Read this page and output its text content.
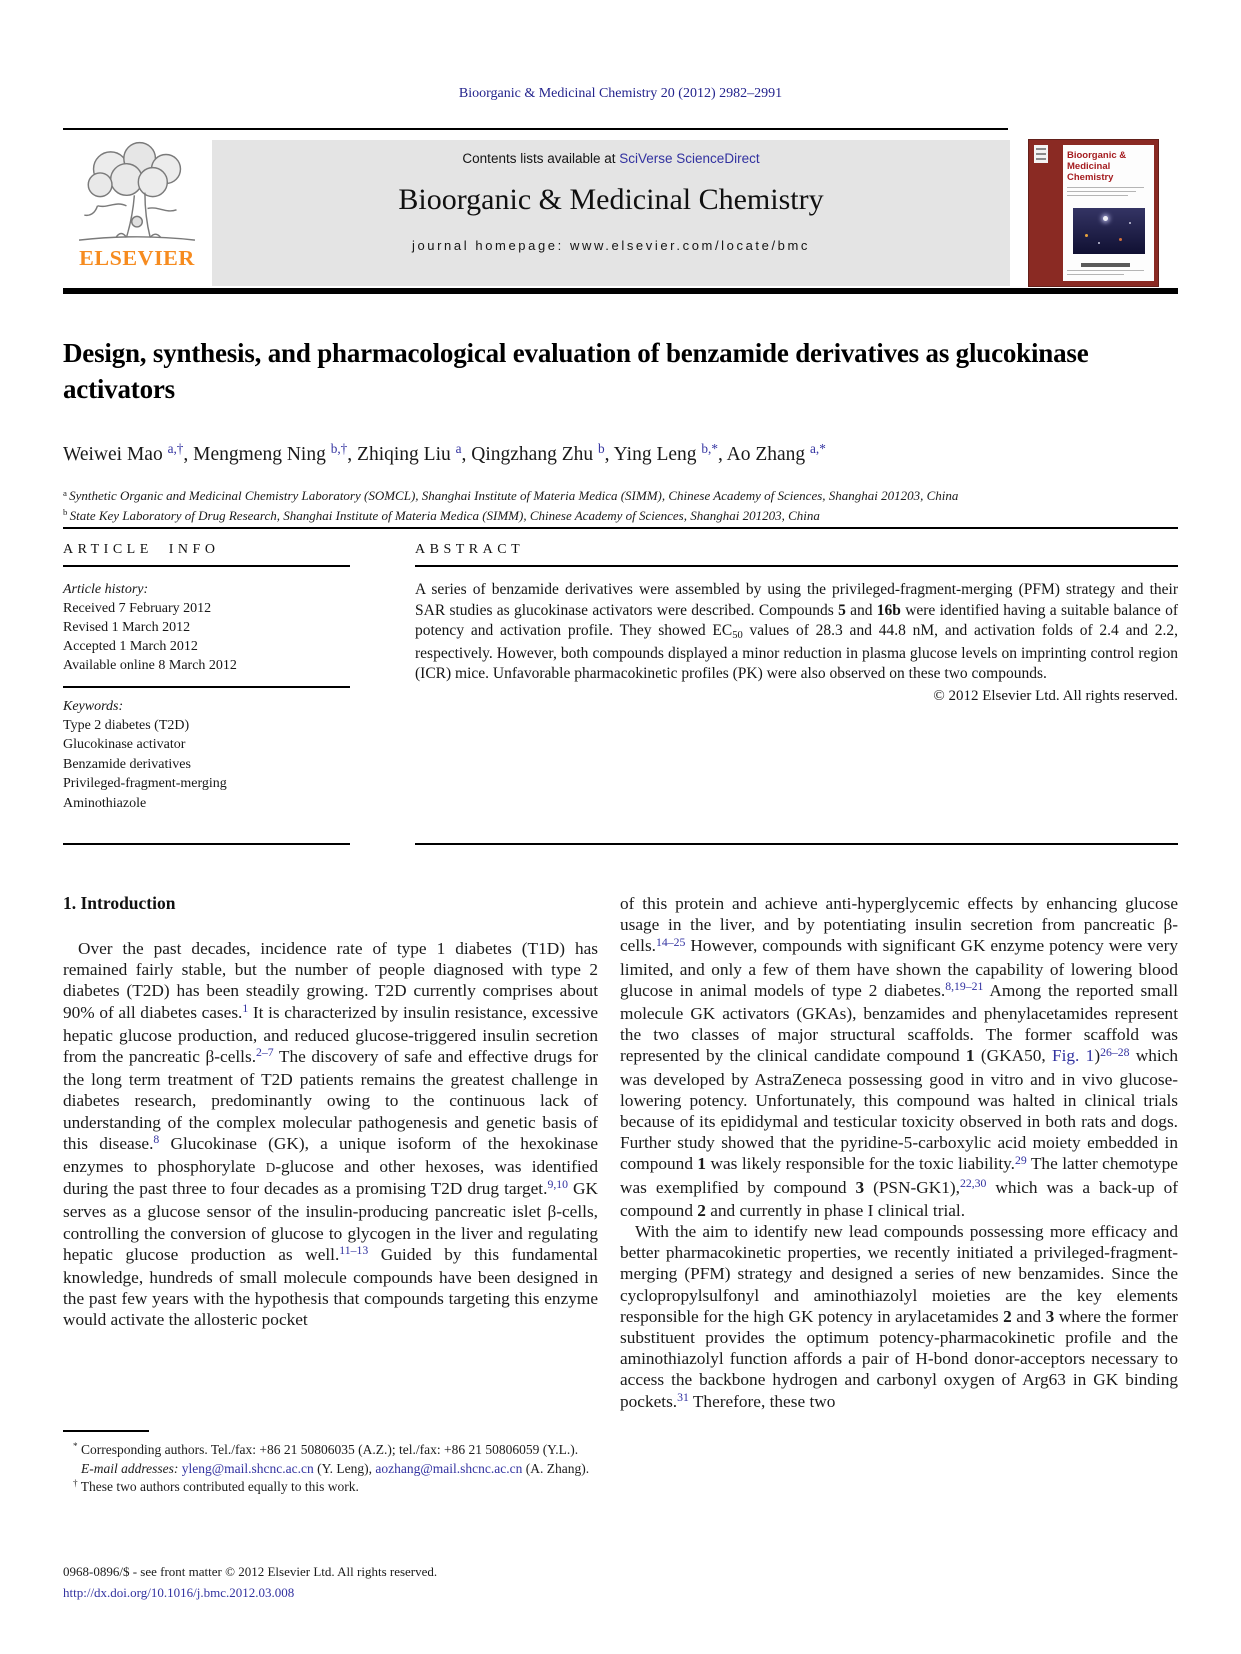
Bioorganic & Medicinal Chemistry 20 (2012) 2982–2991
ELSEVIER
Contents lists available at SciVerse ScienceDirect
Bioorganic & Medicinal Chemistry
journal homepage: www.elsevier.com/locate/bmc
Bioorganic & Medicinal Chemistry
Design, synthesis, and pharmacological evaluation of benzamide derivatives as glucokinase activators
Weiwei Mao $^{a,\dagger}$, Mengmeng Ning $^{b,\dagger}$, Zhiqing Liu $^a$, Qingzhang Zhu $^b$, Ying Leng $^{b,*}$, Ao Zhang $^{a,*}$
$^a$ Synthetic Organic and Medicinal Chemistry Laboratory (SOMCL), Shanghai Institute of Materia Medica (SIMM), Chinese Academy of Sciences, Shanghai 201203, China
$^b$ State Key Laboratory of Drug Research, Shanghai Institute of Materia Medica (SIMM), Chinese Academy of Sciences, Shanghai 201203, China
ARTICLE INFO
Article history:
Received 7 February 2012
Revised 1 March 2012
Accepted 1 March 2012
Available online 8 March 2012
Keywords:
Type 2 diabetes (T2D)
Glucokinase activator
Benzamide derivatives
Privileged-fragment-merging
Aminothiazole
ABSTRACT
A series of benzamide derivatives were assembled by using the privileged-fragment-merging (PFM) strategy and their SAR studies as glucokinase activators were described. Compounds 5 and 16b were identified having a suitable balance of potency and activation profile. They showed EC50 values of 28.3 and 44.8 nM, and activation folds of 2.4 and 2.2, respectively. However, both compounds displayed a minor reduction in plasma glucose levels on imprinting control region (ICR) mice. Unfavorable pharmacokinetic profiles (PK) were also observed on these two compounds.
© 2012 Elsevier Ltd. All rights reserved.
1. Introduction

Over the past decades, incidence rate of type 1 diabetes (T1D) has remained fairly stable, but the number of people diagnosed with type 2 diabetes (T2D) has been steadily growing. T2D currently comprises about 90% of all diabetes cases.$^1$ It is characterized by insulin resistance, excessive hepatic glucose production, and reduced glucose-triggered insulin secretion from the pancreatic β-cells.$^{2-7}$ The discovery of safe and effective drugs for the long term treatment of T2D patients remains the greatest challenge in diabetes research, predominantly owing to the continuous lack of understanding of the complex molecular pathogenesis and genetic basis of this disease.$^8$ Glucokinase (GK), a unique isoform of the hexokinase enzymes to phosphorylate D-glucose and other hexoses, was identified during the past three to four decades as a promising T2D drug target.$^{9,10}$ GK serves as a glucose sensor of the insulin-producing pancreatic islet β-cells, controlling the conversion of glucose to glycogen in the liver and regulating hepatic glucose production as well.$^{11-13}$ Guided by this fundamental knowledge, hundreds of small molecule compounds have been designed in the past few years with the hypothesis that compounds targeting this enzyme would activate the allosteric pocket

of this protein and achieve anti-hyperglycemic effects by enhancing glucose usage in the liver, and by potentiating insulin secretion from pancreatic β-cells.$^{14-25}$ However, compounds with significant GK enzyme potency were very limited, and only a few of them have shown the capability of lowering blood glucose in animal models of type 2 diabetes.$^{8,19-21}$ Among the reported small molecule GK activators (GKAs), benzamides and phenylacetamides represent the two classes of major structural scaffolds. The former scaffold was represented by the clinical candidate compound 1 (GKA50, Fig. 1)$^{26-28}$ which was developed by AstraZeneca possessing good in vitro and in vivo glucose-lowering potency. Unfortunately, this compound was halted in clinical trials because of its epididymal and testicular toxicity observed in both rats and dogs. Further study showed that the pyridine-5-carboxylic acid moiety embedded in compound 1 was likely responsible for the toxic liability.$^{29}$ The latter chemotype was exemplified by compound 3 (PSN-GK1),$^{22,30}$ which was a back-up of compound 2 and currently in phase I clinical trial.

With the aim to identify new lead compounds possessing more efficacy and better pharmacokinetic properties, we recently initiated a privileged-fragment-merging (PFM) strategy and designed a series of new benzamides. Since the cyclopropylsulfonyl and aminothiazolyl moieties are the key elements responsible for the high GK potency in arylacetamides 2 and 3 where the former substituent provides the optimum potency-pharmacokinetic profile and the aminothiazolyl function affords a pair of H-bond donor-acceptors necessary to access the backbone hydrogen and carbonyl oxygen of Arg63 in GK binding pockets.$^{31}$ Therefore, these two

* Corresponding authors. Tel./fax: +86 21 50806035 (A.Z.); tel./fax: +86 21 50806059 (Y.L.).

E-mail addresses: yleng@mail.shcnc.ac.cn (Y. Leng), aozhang@mail.shcnc.ac.cn (A. Zhang).

† These two authors contributed equally to this work.

0968-0896/$ - see front matter © 2012 Elsevier Ltd. All rights reserved.
http://dx.doi.org/10.1016/j.bmc.2012.03.008
